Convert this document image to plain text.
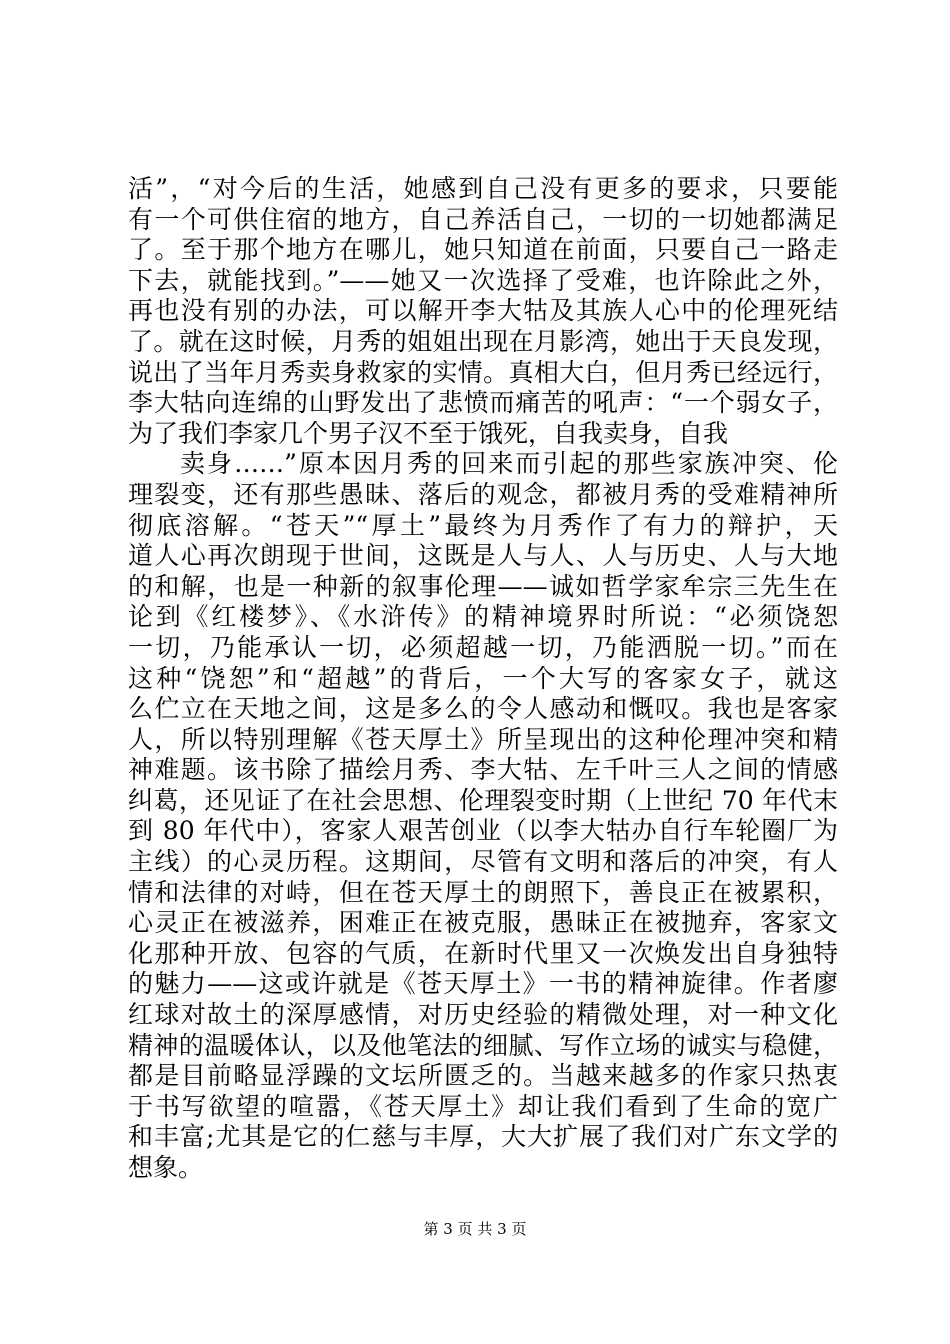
活”，“对今后的生活，她感到自己没有更多的要求，只要能
有一个可供住宿的地方，自己养活自己，一切的一切她都满足
了。至于那个地方在哪儿，她只知道在前面，只要自己一路走
下去，就能找到。”——她又一次选择了受难，也许除此之外，
再也没有别的办法，可以解开李大牯及其族人心中的伦理死结
了。就在这时候，月秀的姐姐出现在月影湾，她出于天良发现，
说出了当年月秀卖身救家的实情。真相大白，但月秀已经远行，
李大牯向连绵的山野发出了悲愤而痛苦的吼声：“一个弱女子，
为了我们李家几个男子汉不至于饿死，自我卖身，自我
卖身……”原本因月秀的回来而引起的那些家族冲突、伦
理裂变，还有那些愚昧、落后的观念，都被月秀的受难精神所
彻底溶解。“苍天”“厚土”最终为月秀作了有力的辩护，天
道人心再次朗现于世间，这既是人与人、人与历史、人与大地
的和解，也是一种新的叙事伦理——诚如哲学家牟宗三先生在
论到《红楼梦》、《水浒传》的精神境界时所说：“必须饶恕
一切，乃能承认一切，必须超越一切，乃能洒脱一切。”而在
这种“饶恕”和“超越”的背后，一个大写的客家女子，就这
么伫立在天地之间，这是多么的令人感动和慨叹。我也是客家
人，所以特别理解《苍天厚土》所呈现出的这种伦理冲突和精
神难题。该书除了描绘月秀、李大牯、左千叶三人之间的情感
纠葛，还见证了在社会思想、伦理裂变时期（上世纪 70 年代末
到 80 年代中），客家人艰苦创业（以李大牯办自行车轮圈厂为
主线）的心灵历程。这期间，尽管有文明和落后的冲突，有人
情和法律的对峙，但在苍天厚土的朗照下，善良正在被累积，
心灵正在被滋养，困难正在被克服，愚昧正在被抛弃，客家文
化那种开放、包容的气质，在新时代里又一次焕发出自身独特
的魅力——这或许就是《苍天厚土》一书的精神旋律。作者廖
红球对故土的深厚感情，对历史经验的精微处理，对一种文化
精神的温暖体认，以及他笔法的细腻、写作立场的诚实与稳健，
都是目前略显浮躁的文坛所匮乏的。当越来越多的作家只热衷
于书写欲望的喧嚣，《苍天厚土》却让我们看到了生命的宽广
和丰富;尤其是它的仁慈与丰厚，大大扩展了我们对广东文学的
想象。
第 3 页 共 3 页
